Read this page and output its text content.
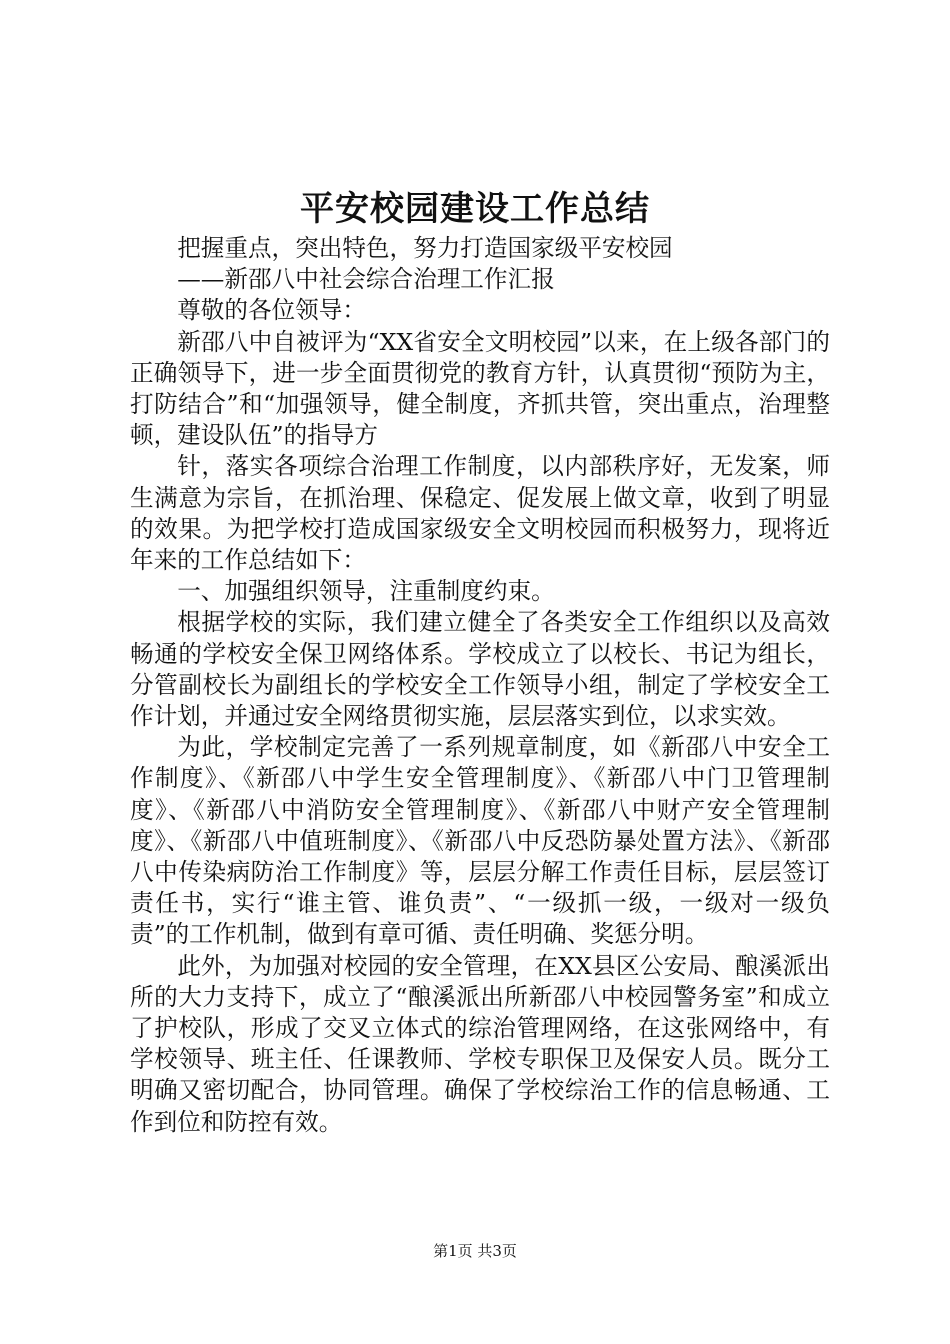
平安校园建设工作总结

把握重点，突出特色，努力打造国家级平安校园

——新邵八中社会综合治理工作汇报

尊敬的各位领导：

新邵八中自被评为“XX省安全文明校园”以来，在上级各部门的正确领导下，进一步全面贯彻党的教育方针，认真贯彻“预防为主，打防结合”和“加强领导，健全制度，齐抓共管，突出重点，治理整顿，建设队伍”的指导方

针，落实各项综合治理工作制度，以内部秩序好，无发案，师生满意为宗旨，在抓治理、保稳定、促发展上做文章，收到了明显的效果。为把学校打造成国家级安全文明校园而积极努力，现将近年来的工作总结如下：

一、加强组织领导，注重制度约束。

根据学校的实际，我们建立健全了各类安全工作组织以及高效畅通的学校安全保卫网络体系。学校成立了以校长、书记为组长，分管副校长为副组长的学校安全工作领导小组，制定了学校安全工作计划，并通过安全网络贯彻实施，层层落实到位，以求实效。

为此，学校制定完善了一系列规章制度，如《新邵八中安全工作制度》、《新邵八中学生安全管理制度》、《新邵八中门卫管理制度》、《新邵八中消防安全管理制度》、《新邵八中财产安全管理制度》、《新邵八中值班制度》、《新邵八中反恐防暴处置方法》、《新邵八中传染病防治工作制度》等，层层分解工作责任目标，层层签订责任书，实行“谁主管、谁负责”、“一级抓一级，一级对一级负责”的工作机制，做到有章可循、责任明确、奖惩分明。

此外，为加强对校园的安全管理，在XX县区公安局、酿溪派出所的大力支持下，成立了“酿溪派出所新邵八中校园警务室”和成立了护校队，形成了交叉立体式的综治管理网络，在这张网络中，有学校领导、班主任、任课教师、学校专职保卫及保安人员。既分工明确又密切配合，协同管理。确保了学校综治工作的信息畅通、工作到位和防控有效。

第1页 共3页
